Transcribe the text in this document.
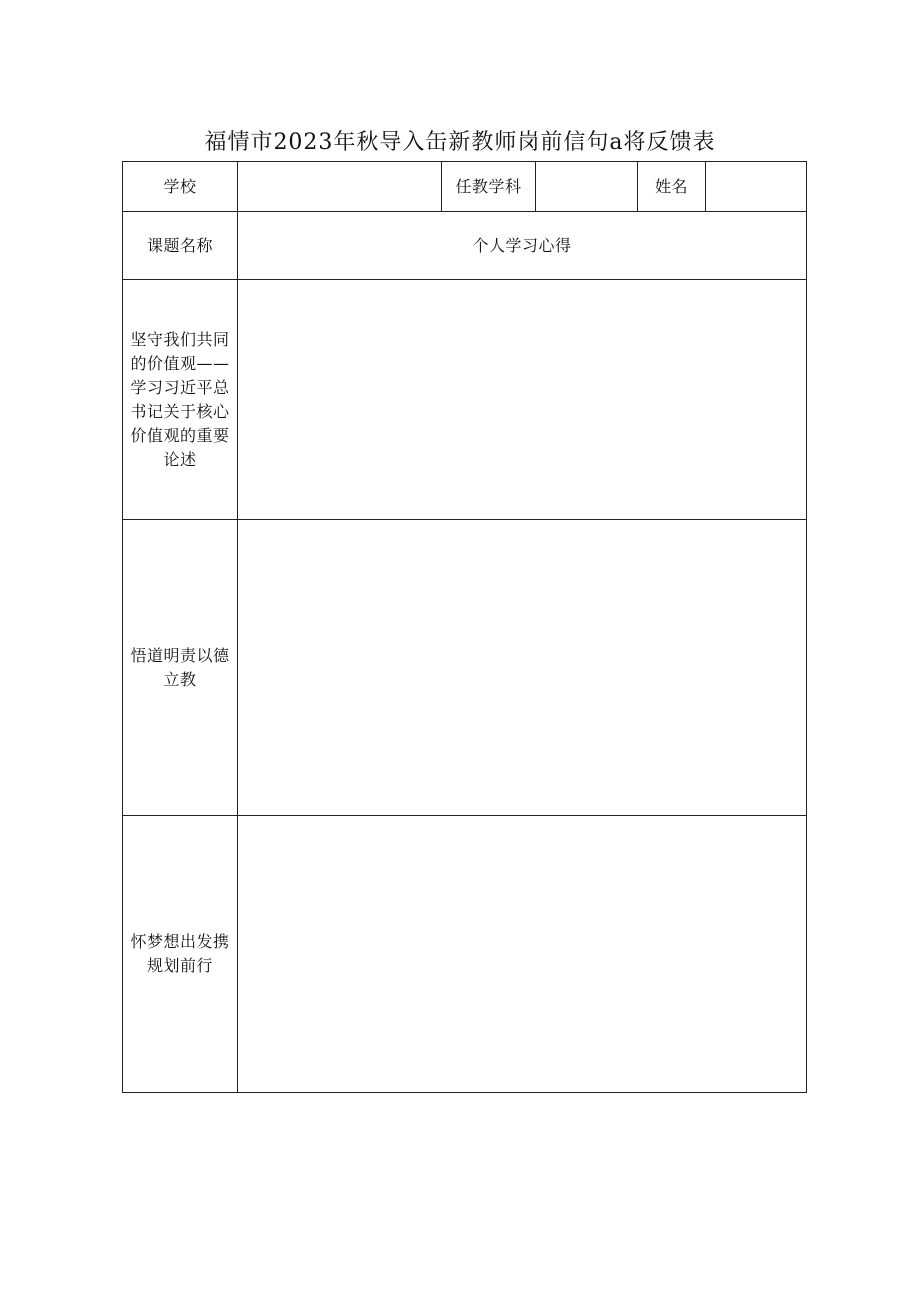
福情市2023年秋导入缶新教师岗前信句a将反馈表
学校		任教学科		姓名	
课题名称	个人学习心得				
坚守我们共同的价值观——学习习近平总书记关于核心价值观的重要论述					
悟道明责以德立教					
怀梦想出发携规划前行					
